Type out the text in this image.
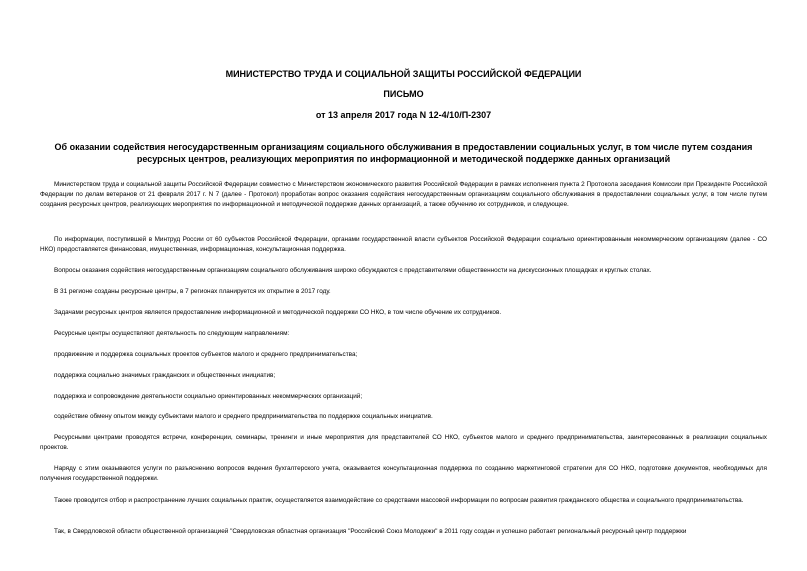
МИНИСТЕРСТВО ТРУДА И СОЦИАЛЬНОЙ ЗАЩИТЫ РОССИЙСКОЙ ФЕДЕРАЦИИ
ПИСЬМО
от 13 апреля 2017 года N 12-4/10/П-2307
Об оказании содействия негосударственным организациям социального обслуживания в предоставлении социальных услуг, в том числе путем создания ресурсных центров, реализующих мероприятия по информационной и методической поддержке данных организаций
Министерством труда и социальной защиты Российской Федерации совместно с Министерством экономического развития Российской Федерации в рамках исполнения пункта 2 Протокола заседания Комиссии при Президенте Российской Федерации по делам ветеранов от 21 февраля 2017 г. N 7 (далее - Протокол) проработан вопрос оказания содействия негосударственным организациям социального обслуживания в предоставлении социальных услуг, в том числе путем создания ресурсных центров, реализующих мероприятия по информационной и методической поддержке данных организаций, а также обучению их сотрудников, и следующее.
По информации, поступившей в Минтруд России от 60 субъектов Российской Федерации, органами государственной власти субъектов Российской Федерации социально ориентированным некоммерческим организациям (далее - СО НКО) предоставляется финансовая, имущественная, информационная, консультационная поддержка.
Вопросы оказания содействия негосударственным организациям социального обслуживания широко обсуждаются с представителями общественности на дискуссионных площадках и круглых столах.
В 31 регионе созданы ресурсные центры, в 7 регионах планируется их открытие в 2017 году.
Задачами ресурсных центров является предоставление информационной и методической поддержки СО НКО, в том числе обучение их сотрудников.
Ресурсные центры осуществляют деятельность по следующим направлениям:
продвижение и поддержка социальных проектов субъектов малого и среднего предпринимательства;
поддержка социально значимых гражданских и общественных инициатив;
поддержка и сопровождение деятельности социально ориентированных некоммерческих организаций;
содействие обмену опытом между субъектами малого и среднего предпринимательства по поддержке социальных инициатив.
Ресурсными центрами проводятся встречи, конференции, семинары, тренинги и иные мероприятия для представителей СО НКО, субъектов малого и среднего предпринимательства, заинтересованных в реализации социальных проектов.
Наряду с этим оказываются услуги по разъяснению вопросов ведения бухгалтерского учета, оказывается консультационная поддержка по созданию маркетинговой стратегии для СО НКО, подготовке документов, необходимых для получения государственной поддержки.
Также проводится отбор и распространение лучших социальных практик, осуществляется взаимодействие со средствами массовой информации по вопросам развития гражданского общества и социального предпринимательства.
Так, в Свердловской области общественной организацией "Свердловская областная организация "Российский Союз Молодежи" в 2011 году создан и успешно работает региональный ресурсный центр поддержки
